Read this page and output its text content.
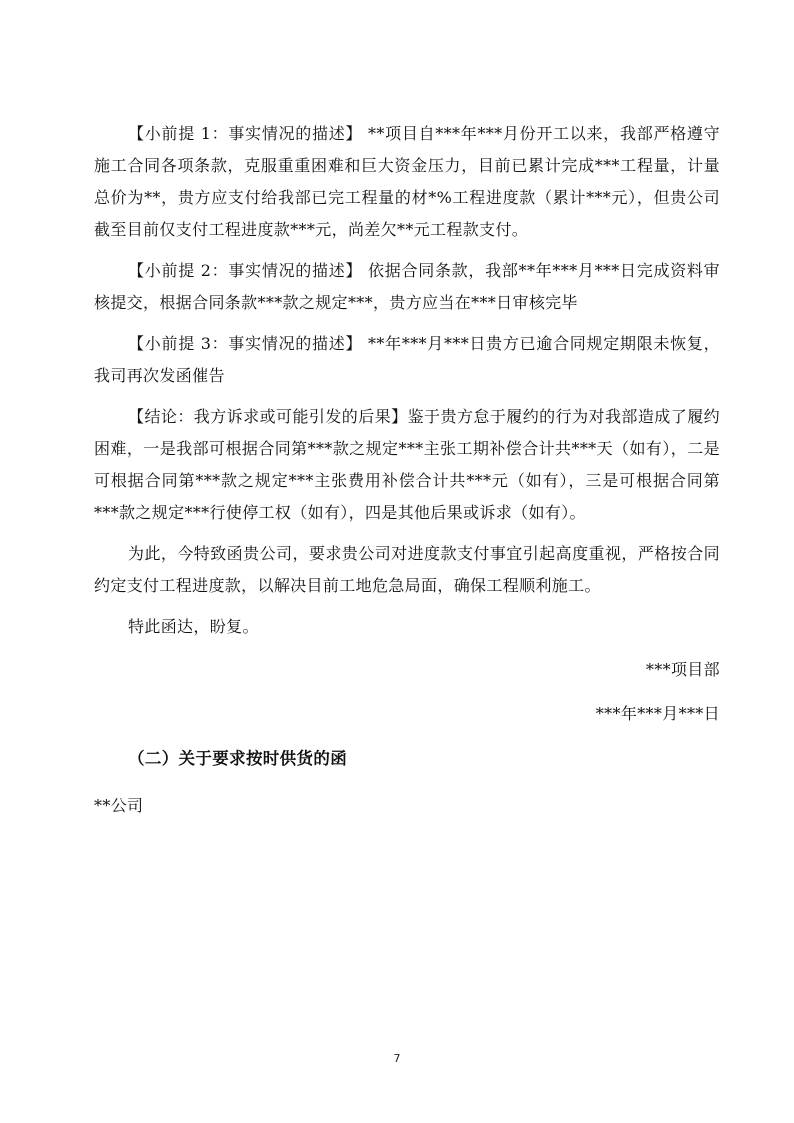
【小前提 1：事实情况的描述】 **项目自***年***月份开工以来，我部严格遵守施工合同各项条款，克服重重困难和巨大资金压力，目前已累计完成***工程量，计量总价为**，贵方应支付给我部已完工程量的材*%工程进度款（累计***元），但贵公司截至目前仅支付工程进度款***元，尚差欠**元工程款支付。

【小前提 2：事实情况的描述】 依据合同条款，我部**年***月***日完成资料审核提交，根据合同条款***款之规定***，贵方应当在***日审核完毕

【小前提 3：事实情况的描述】 **年***月***日贵方已逾合同规定期限未恢复，我司再次发函催告

【结论：我方诉求或可能引发的后果】鉴于贵方怠于履约的行为对我部造成了履约困难，一是我部可根据合同第***款之规定***主张工期补偿合计共***天（如有），二是可根据合同第***款之规定***主张费用补偿合计共***元（如有），三是可根据合同第***款之规定***行使停工权（如有），四是其他后果或诉求（如有）。

为此，今特致函贵公司，要求贵公司对进度款支付事宜引起高度重视，严格按合同约定支付工程进度款，以解决目前工地危急局面，确保工程顺利施工。

特此函达，盼复。

***项目部

***年***月***日

（二）关于要求按时供货的函

**公司

7
